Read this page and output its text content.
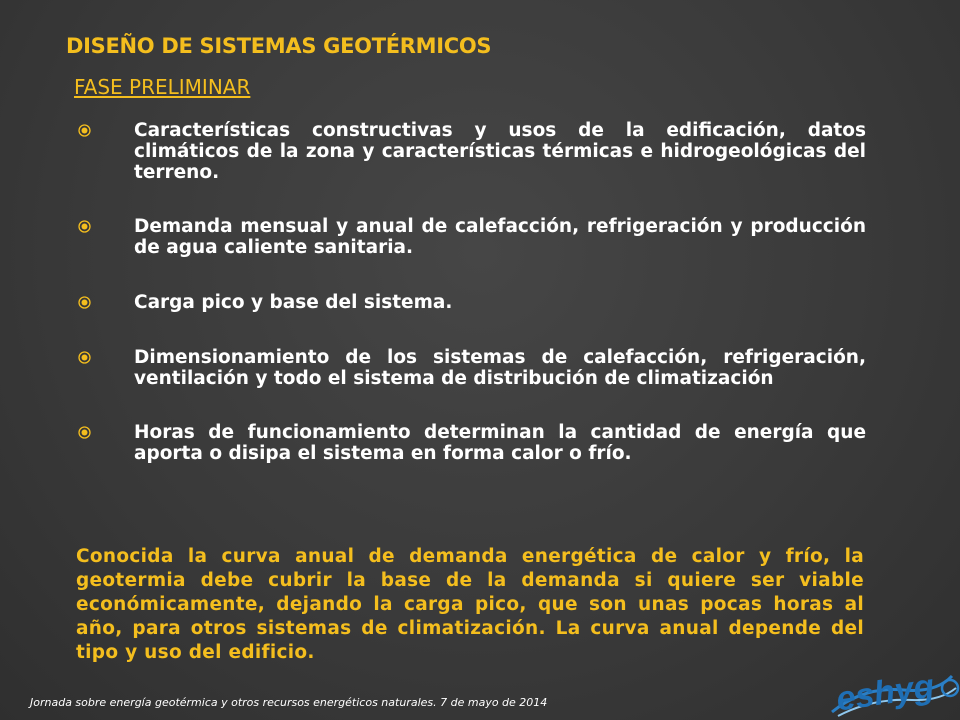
DISEÑO DE SISTEMAS GEOTÉRMICOS
FASE PRELIMINAR
Características constructivas y usos de la edificación, datos climáticos de la zona y características térmicas e hidrogeológicas del terreno.
Demanda mensual y anual de calefacción, refrigeración y producción de agua caliente sanitaria.
Carga pico y base del sistema.
Dimensionamiento de los sistemas de calefacción, refrigeración, ventilación y todo el sistema de distribución de climatización
Horas de funcionamiento determinan la cantidad de energía que aporta o disipa el sistema en forma calor o frío.
Conocida la curva anual de demanda energética de calor y frío, la geotermia debe cubrir la base de la demanda si quiere ser viable económicamente, dejando la carga pico, que son unas pocas horas al año, para otros sistemas de climatización. La curva anual depende del tipo y uso del edificio.
Jornada sobre energía geotérmica y otros recursos energéticos naturales. 7 de mayo de 2014	eshyg
